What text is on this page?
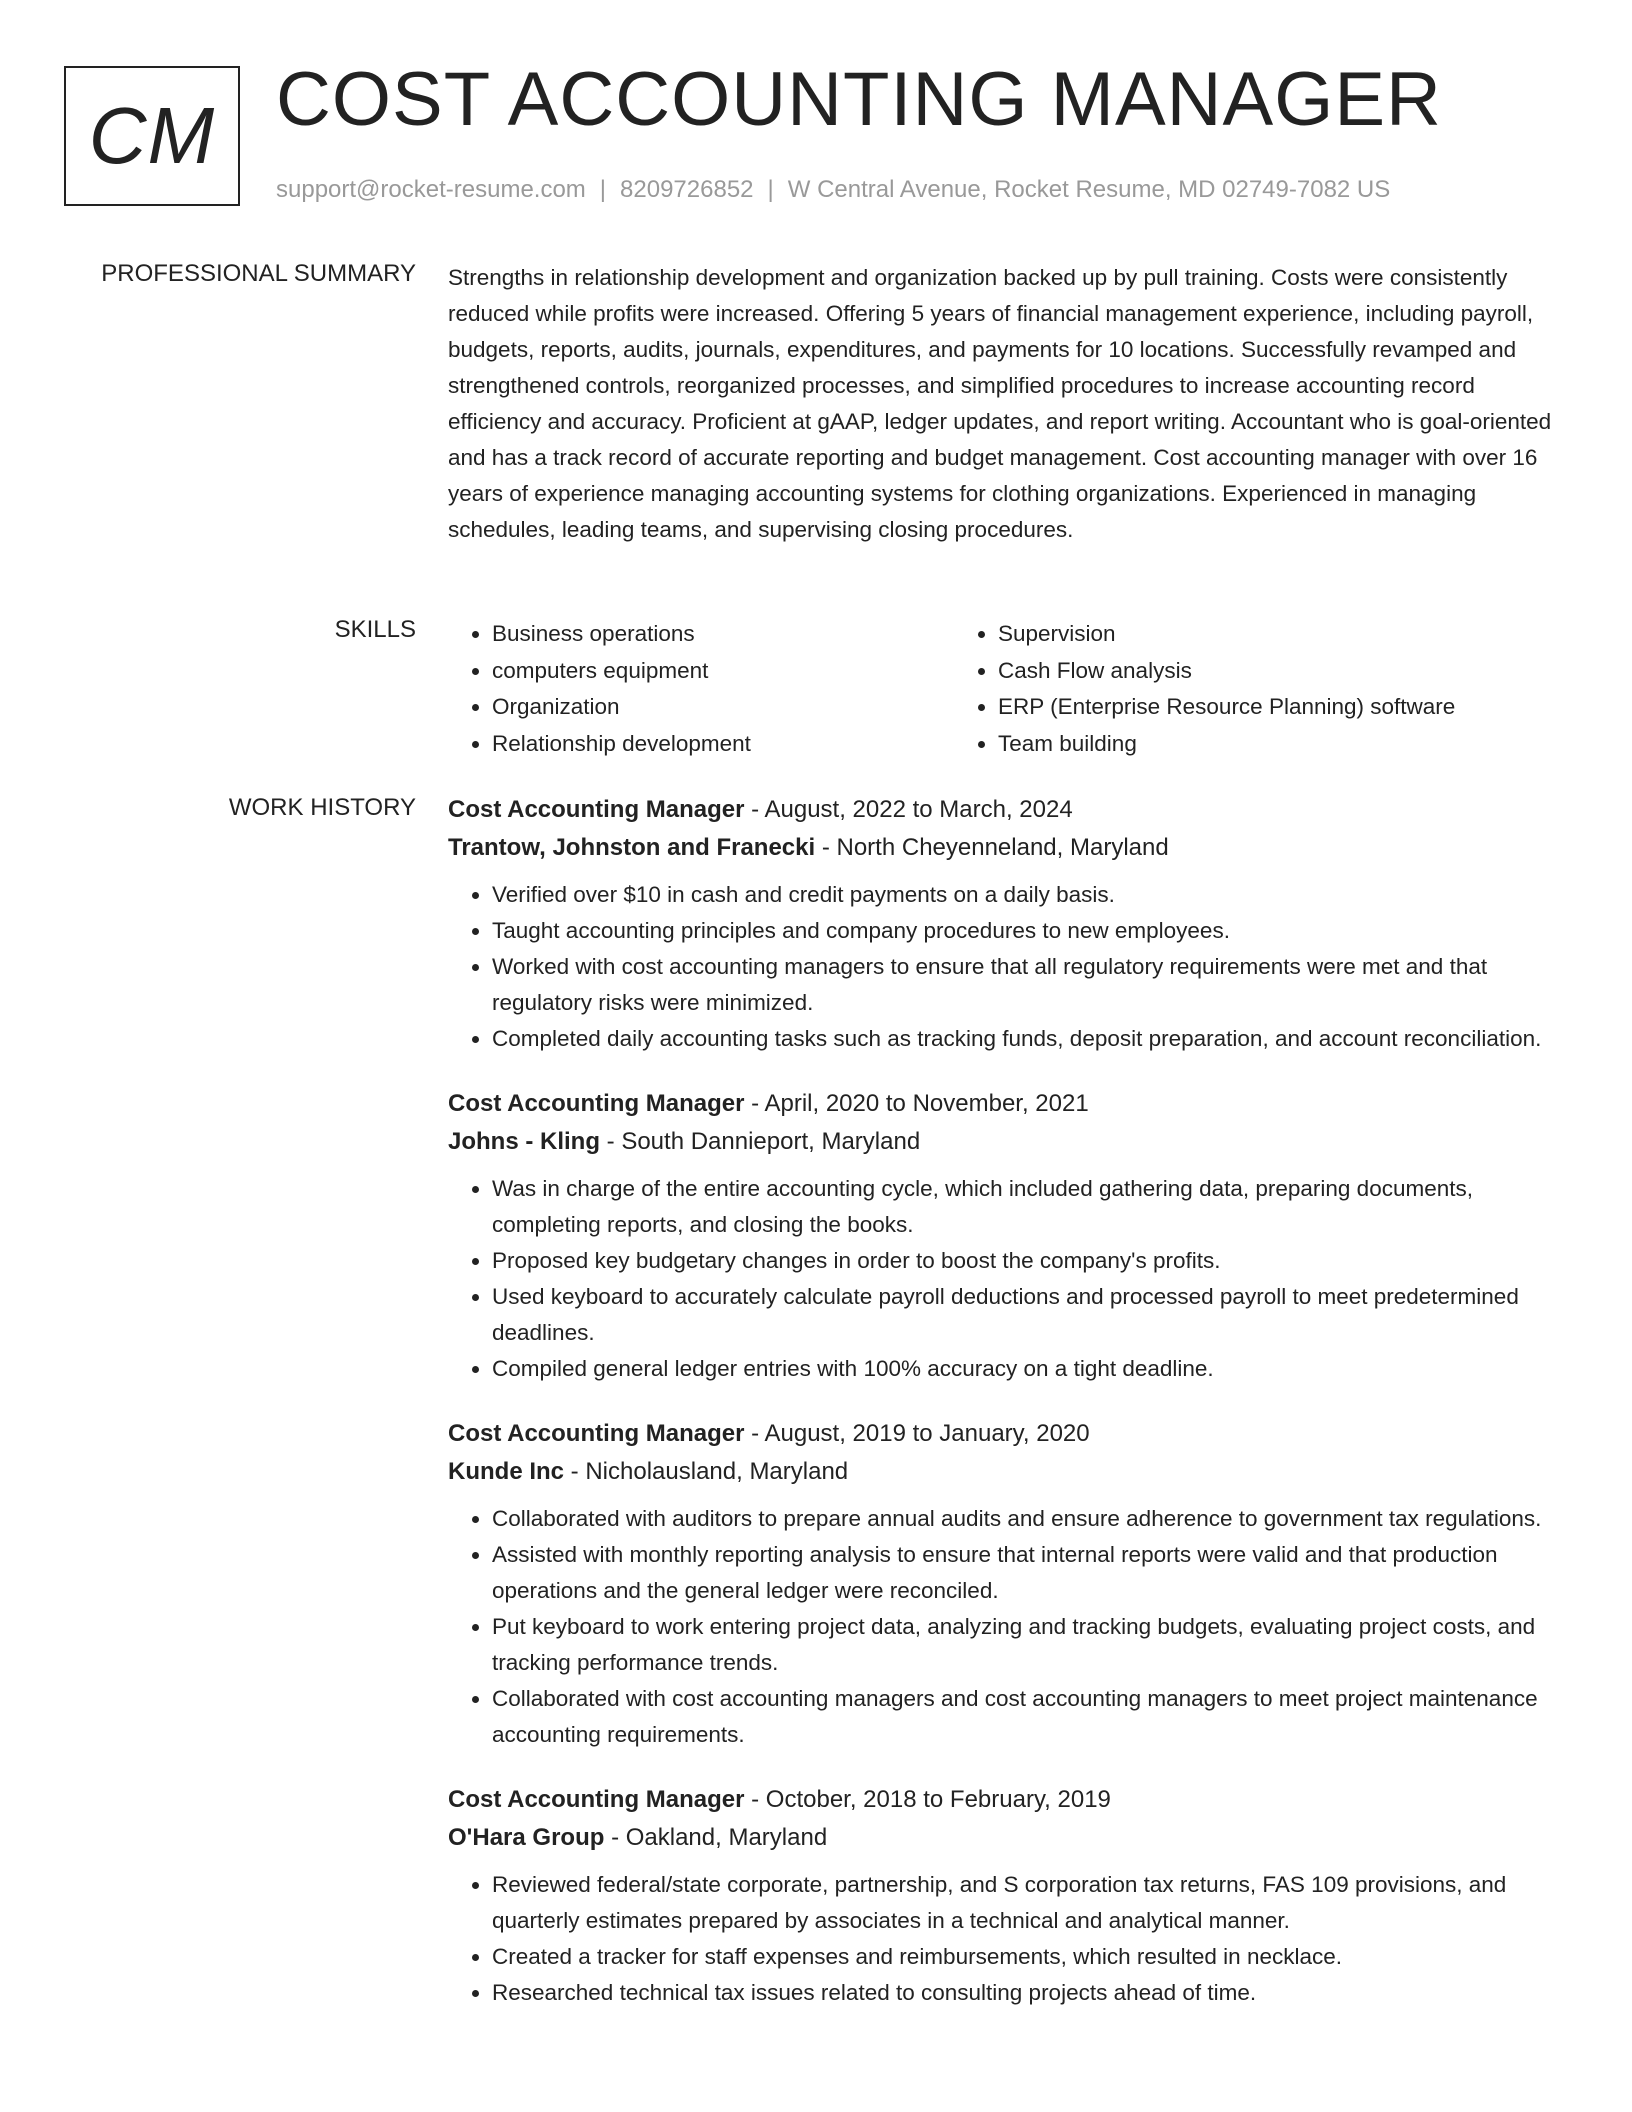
CM COST ACCOUNTING MANAGER
support@rocket-resume.com | 8209726852 | W Central Avenue, Rocket Resume, MD 02749-7082 US
PROFESSIONAL SUMMARY Strengths in relationship development and organization backed up by pull training. Costs were consistently reduced while profits were increased. Offering 5 years of financial management experience, including payroll, budgets, reports, audits, journals, expenditures, and payments for 10 locations. Successfully revamped and strengthened controls, reorganized processes, and simplified procedures to increase accounting record efficiency and accuracy. Proficient at gAAP, ledger updates, and report writing. Accountant who is goal-oriented and has a track record of accurate reporting and budget management. Cost accounting manager with over 16 years of experience managing accounting systems for clothing organizations. Experienced in managing schedules, leading teams, and supervising closing procedures.

SKILLS
•	Business operations
• computers equipment
• Organization
• Relationship development
• Supervision
• Cash Flow analysis
• ERP (Enterprise Resource Planning) software
• Team building
WORK HISTORY Cost Accounting Manager - August, 2022 to March, 2024
Trantow, Johnston and Franecki - North Cheyenneland, Maryland
• Verified over $10 in cash and credit payments on a daily basis.
• Taught accounting principles and company procedures to new employees.
• Worked with cost accounting managers to ensure that all regulatory requirements were met and that regulatory risks were minimized.
• Completed daily accounting tasks such as tracking funds, deposit preparation, and account reconciliation.
Cost Accounting Manager - April, 2020 to November, 2021
Johns - Kling - South Dannieport, Maryland
• Was in charge of the entire accounting cycle, which included gathering data, preparing documents, completing reports, and closing the books.
• Proposed key budgetary changes in order to boost the company's profits.
• Used keyboard to accurately calculate payroll deductions and processed payroll to meet predetermined deadlines.
• Compiled general ledger entries with 100% accuracy on a tight deadline.
Cost Accounting Manager - August, 2019 to January, 2020
Kunde Inc - Nicholausland, Maryland
• Collaborated with auditors to prepare annual audits and ensure adherence to government tax regulations.
• Assisted with monthly reporting analysis to ensure that internal reports were valid and that production operations and the general ledger were reconciled.
• Put keyboard to work entering project data, analyzing and tracking budgets, evaluating project costs, and tracking performance trends.
• Collaborated with cost accounting managers and cost accounting managers to meet project maintenance accounting requirements.
Cost Accounting Manager - October, 2018 to February, 2019
O'Hara Group - Oakland, Maryland
• Reviewed federal/state corporate, partnership, and S corporation tax returns, FAS 109 provisions, and quarterly estimates prepared by associates in a technical and analytical manner.
• Created a tracker for staff expenses and reimbursements, which resulted in necklace.
• Researched technical tax issues related to consulting projects ahead of time.
